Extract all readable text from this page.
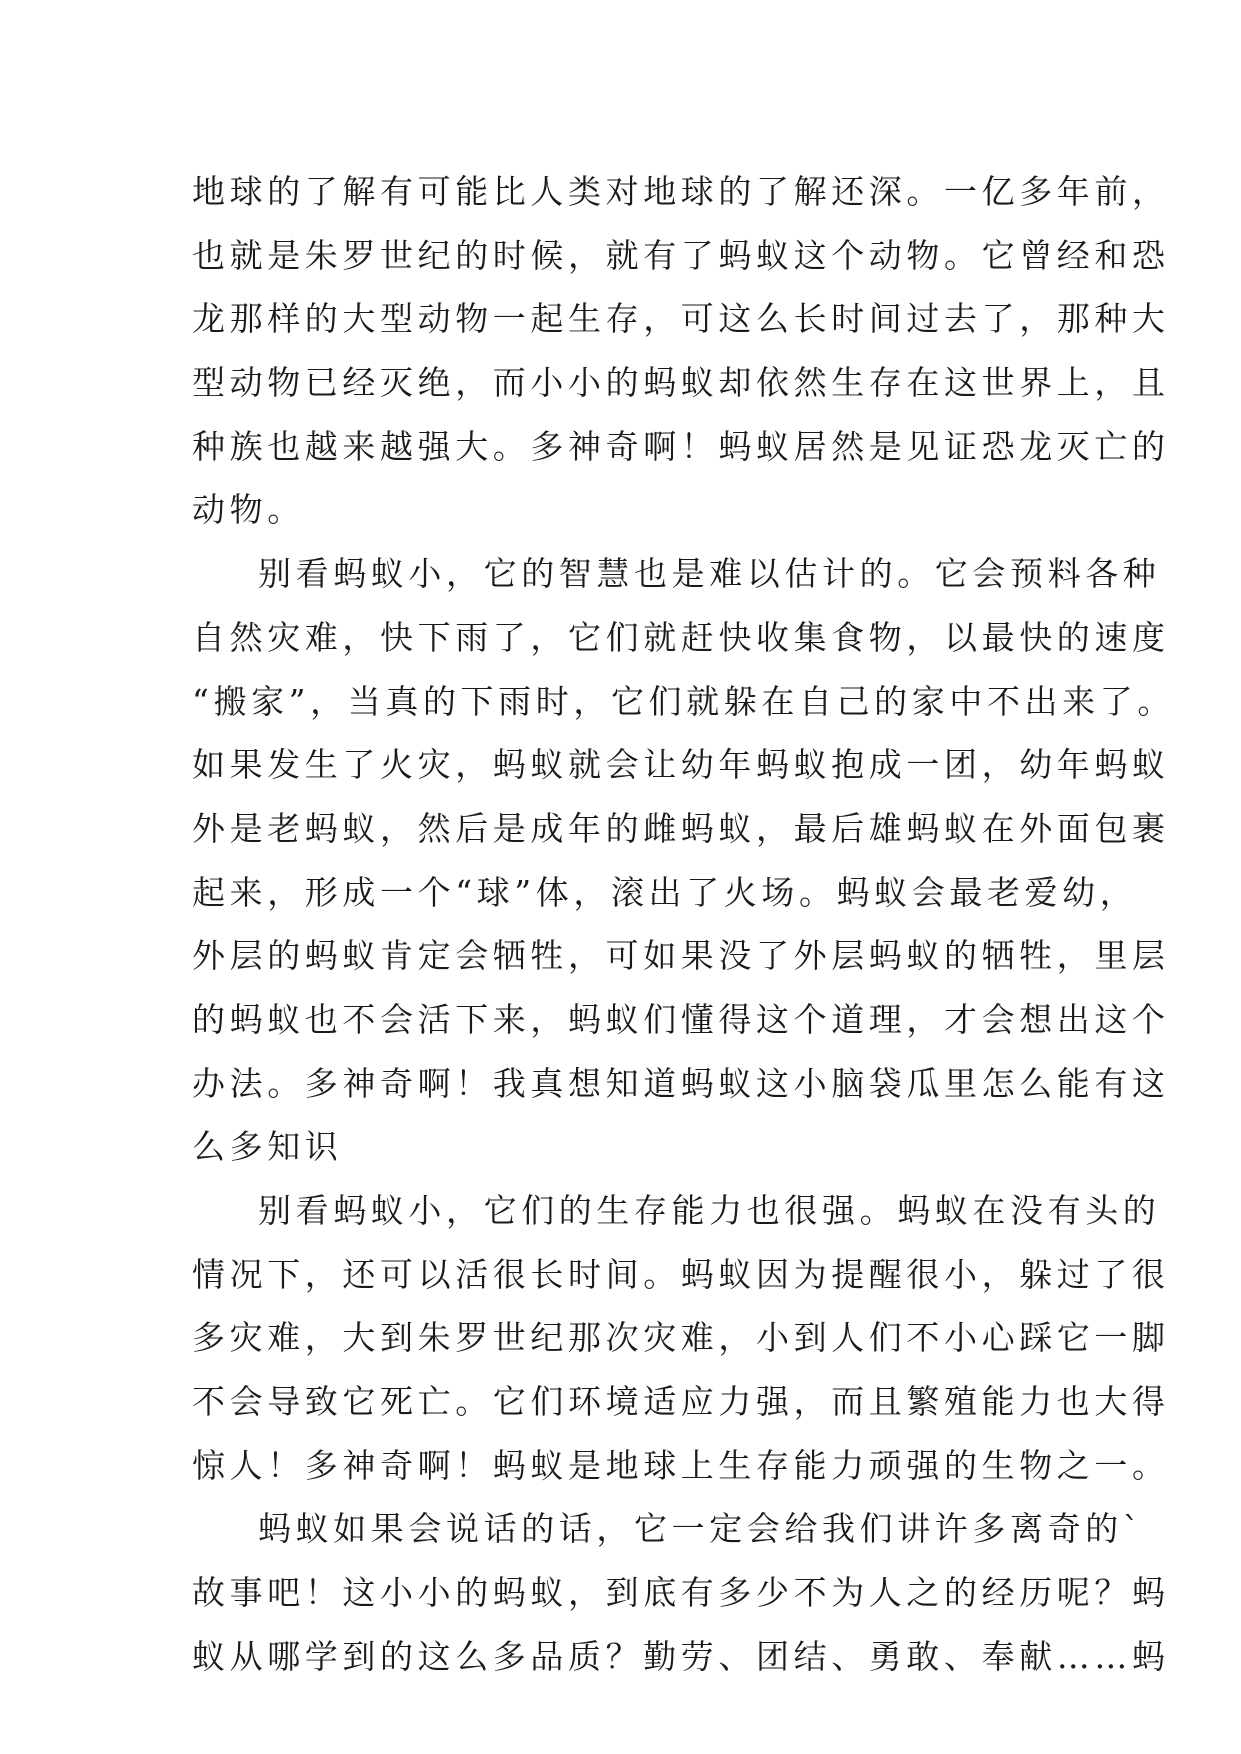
地球的了解有可能比人类对地球的了解还深。一亿多年前，
也就是朱罗世纪的时候，就有了蚂蚁这个动物。它曾经和恐
龙那样的大型动物一起生存，可这么长时间过去了，那种大
型动物已经灭绝，而小小的蚂蚁却依然生存在这世界上，且
种族也越来越强大。多神奇啊！蚂蚁居然是见证恐龙灭亡的
动物。
别看蚂蚁小，它的智慧也是难以估计的。它会预料各种
自然灾难，快下雨了，它们就赶快收集食物，以最快的速度
“搬家”，当真的下雨时，它们就躲在自己的家中不出来了。
如果发生了火灾，蚂蚁就会让幼年蚂蚁抱成一团，幼年蚂蚁
外是老蚂蚁，然后是成年的雌蚂蚁，最后雄蚂蚁在外面包裹
起来，形成一个“球”体，滚出了火场。蚂蚁会最老爱幼，
外层的蚂蚁肯定会牺牲，可如果没了外层蚂蚁的牺牲，里层
的蚂蚁也不会活下来，蚂蚁们懂得这个道理，才会想出这个
办法。多神奇啊！我真想知道蚂蚁这小脑袋瓜里怎么能有这
么多知识
别看蚂蚁小，它们的生存能力也很强。蚂蚁在没有头的
情况下，还可以活很长时间。蚂蚁因为提醒很小，躲过了很
多灾难，大到朱罗世纪那次灾难，小到人们不小心踩它一脚
不会导致它死亡。它们环境适应力强，而且繁殖能力也大得
惊人！多神奇啊！蚂蚁是地球上生存能力顽强的生物之一。
蚂蚁如果会说话的话，它一定会给我们讲许多离奇的`
故事吧！这小小的蚂蚁，到底有多少不为人之的经历呢？蚂
蚁从哪学到的这么多品质？勤劳、团结、勇敢、奉献……蚂
